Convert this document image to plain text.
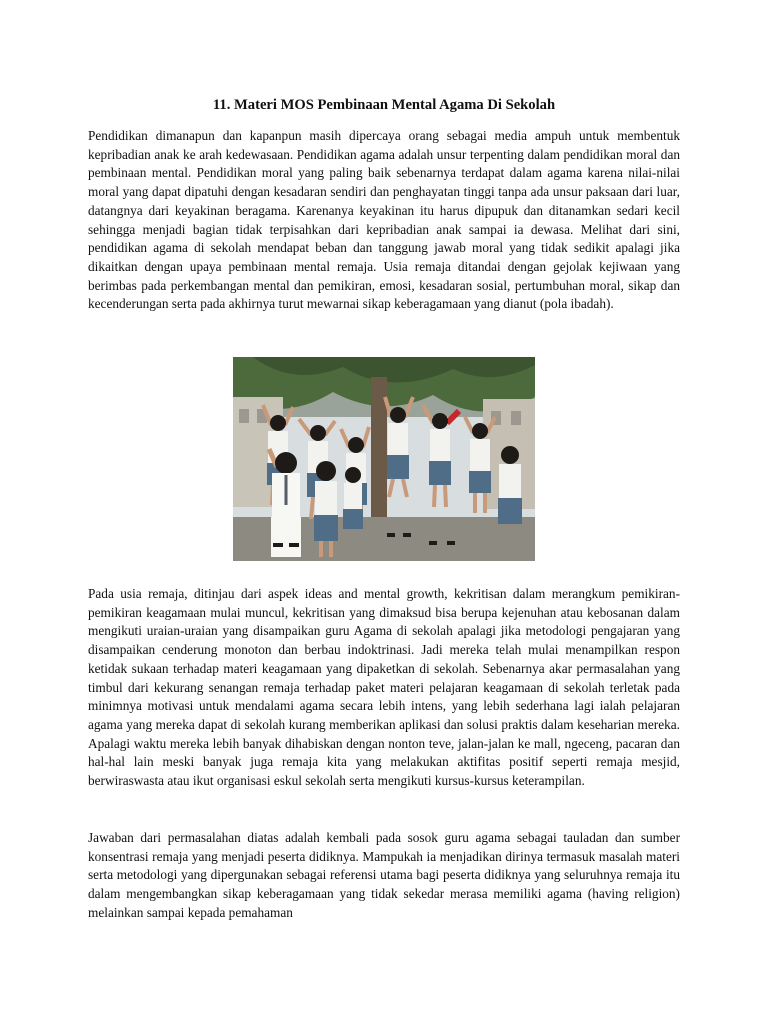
11. Materi MOS Pembinaan Mental Agama Di Sekolah

Pendidikan dimanapun dan kapanpun masih dipercaya orang sebagai media ampuh untuk membentuk kepribadian anak ke arah kedewasaan. Pendidikan agama adalah unsur terpenting dalam pendidikan moral dan pembinaan mental. Pendidikan moral yang paling baik sebenarnya terdapat dalam agama karena nilai-nilai moral yang dapat dipatuhi dengan kesadaran sendiri dan penghayatan tinggi tanpa ada unsur paksaan dari luar, datangnya dari keyakinan beragama. Karenanya keyakinan itu harus dipupuk dan ditanamkan sedari kecil sehingga menjadi bagian tidak terpisahkan dari kepribadian anak sampai ia dewasa. Melihat dari sini, pendidikan agama di sekolah mendapat beban dan tanggung jawab moral yang tidak sedikit apalagi jika dikaitkan dengan upaya pembinaan mental remaja. Usia remaja ditandai dengan gejolak kejiwaan yang berimbas pada perkembangan mental dan pemikiran, emosi, kesadaran sosial, pertumbuhan moral, sikap dan kecenderungan serta pada akhirnya turut mewarnai sikap keberagamaan yang dianut (pola ibadah).

Pada usia remaja, ditinjau dari aspek ideas and mental growth, kekritisan dalam merangkum pemikiran-pemikiran keagamaan mulai muncul, kekritisan yang dimaksud bisa berupa kejenuhan atau kebosanan dalam mengikuti uraian-uraian yang disampaikan guru Agama di sekolah apalagi jika metodologi pengajaran yang disampaikan cenderung monoton dan berbau indoktrinasi. Jadi mereka telah mulai menampilkan respon ketidak sukaan terhadap materi keagamaan yang dipaketkan di sekolah. Sebenarnya akar permasalahan yang timbul dari kekurang senangan remaja terhadap paket materi pelajaran keagamaan di sekolah terletak pada minimnya motivasi untuk mendalami agama secara lebih intens, yang lebih sederhana lagi ialah pelajaran agama yang mereka dapat di sekolah kurang memberikan aplikasi dan solusi praktis dalam keseharian mereka. Apalagi waktu mereka lebih banyak dihabiskan dengan nonton teve, jalan-jalan ke mall, ngeceng, pacaran dan hal-hal lain meski banyak juga remaja kita yang melakukan aktifitas positif seperti remaja mesjid, berwiraswasta atau ikut organisasi eskul sekolah serta mengikuti kursus-kursus keterampilan.

Jawaban dari permasalahan diatas adalah kembali pada sosok guru agama sebagai tauladan dan sumber konsentrasi remaja yang menjadi peserta didiknya. Mampukah ia menjadikan dirinya termasuk masalah materi serta metodologi yang dipergunakan sebagai referensi utama bagi peserta didiknya yang seluruhnya remaja itu dalam mengembangkan sikap keberagamaan yang tidak sekedar merasa memiliki agama (having religion) melainkan sampai kepada pemahaman
